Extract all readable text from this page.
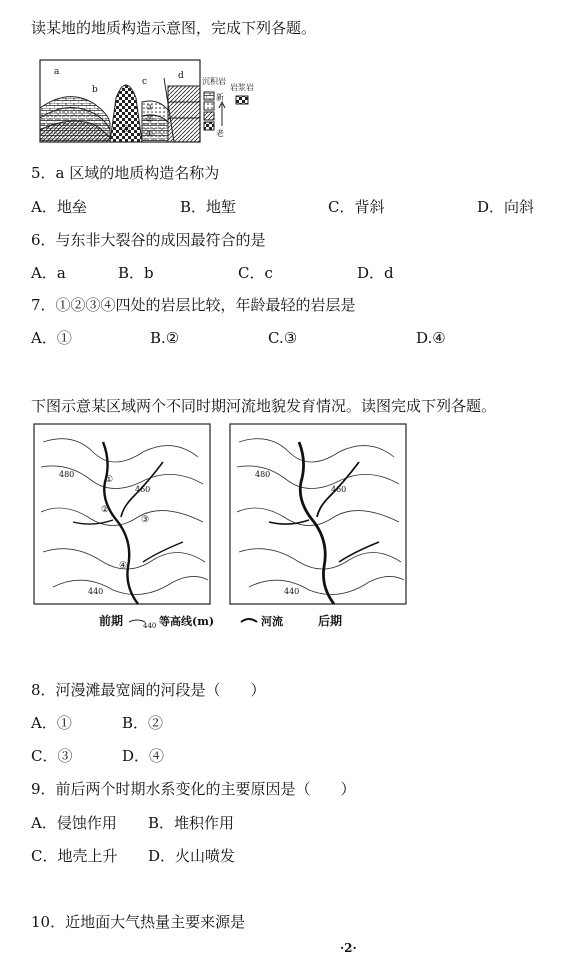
读某地的地质构造示意图，完成下列各题。
a
b
c
d
④
③
②
①
沉积岩
岩浆岩
新
老
5．a 区域的地质构造名称为
A．地垒	B．地堑	C．背斜	D．向斜
6．与东非大裂谷的成因最符合的是
A．a	B．b	C．c	D．d
7．①②③④四处的岩层比较，年龄最轻的岩层是
A．①	B.②	C.③	D.④
下图示意某区域两个不同时期河流地貌发育情况。读图完成下列各题。
480
460
440
①
②
③
④
480
460
440
前期	440 等高线(m)	河流	后期
8．河漫滩最宽阔的河段是（　　）
A．①	B．②
C．③	D．④
9．前后两个时期水系变化的主要原因是（　　）
A．侵蚀作用 B．堆积作用
C．地壳上升 D．火山喷发
10．近地面大气热量主要来源是
·2·
